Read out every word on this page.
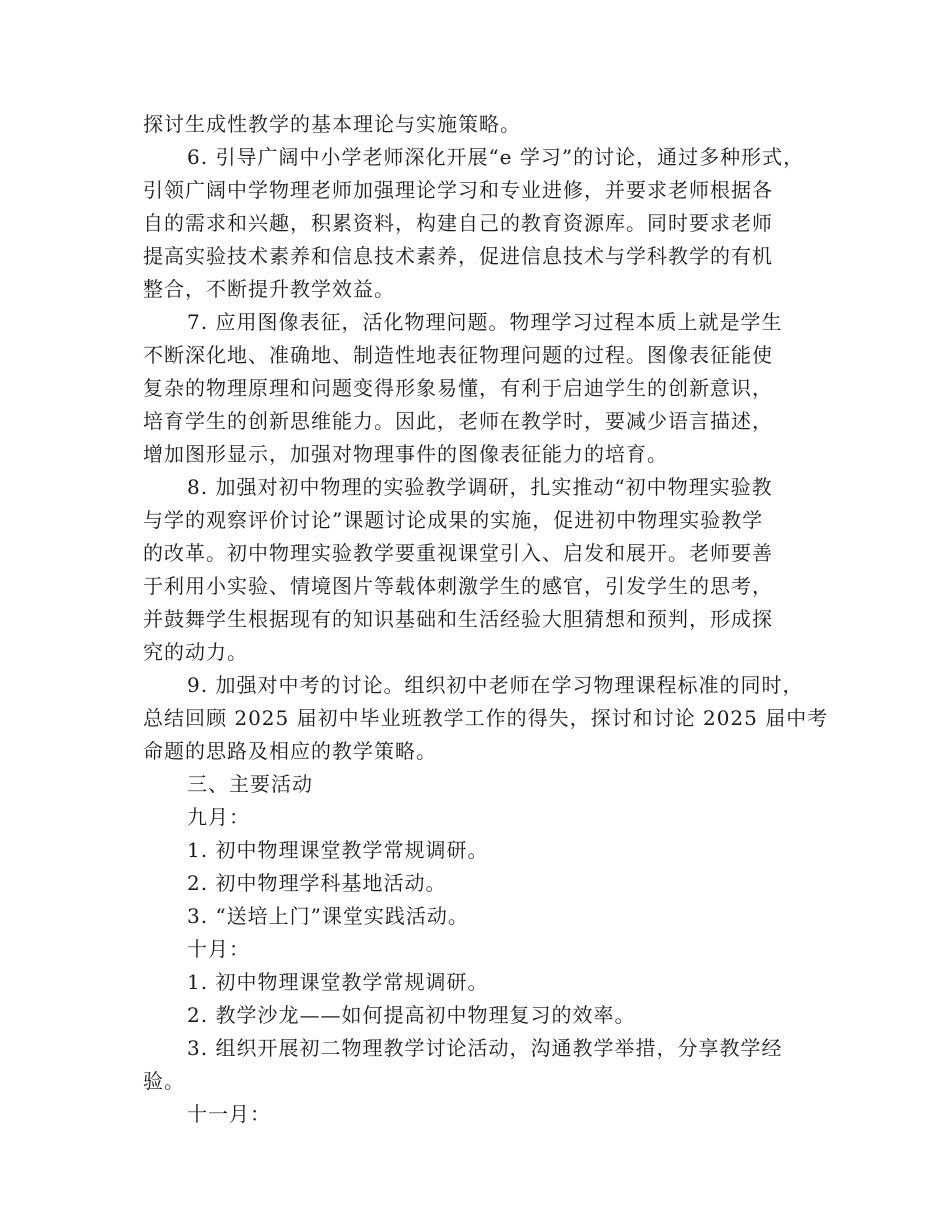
探讨生成性教学的基本理论与实施策略。
6. 引导广阔中小学老师深化开展“e 学习”的讨论，通过多种形式，
引领广阔中学物理老师加强理论学习和专业进修，并要求老师根据各
自的需求和兴趣，积累资料，构建自己的教育资源库。同时要求老师
提高实验技术素养和信息技术素养，促进信息技术与学科教学的有机
整合，不断提升教学效益。
7. 应用图像表征，活化物理问题。物理学习过程本质上就是学生
不断深化地、准确地、制造性地表征物理问题的过程。图像表征能使
复杂的物理原理和问题变得形象易懂，有利于启迪学生的创新意识，
培育学生的创新思维能力。因此，老师在教学时，要减少语言描述，
增加图形显示，加强对物理事件的图像表征能力的培育。
8. 加强对初中物理的实验教学调研，扎实推动“初中物理实验教
与学的观察评价讨论”课题讨论成果的实施，促进初中物理实验教学
的改革。初中物理实验教学要重视课堂引入、启发和展开。老师要善
于利用小实验、情境图片等载体刺激学生的感官，引发学生的思考，
并鼓舞学生根据现有的知识基础和生活经验大胆猜想和预判，形成探
究的动力。
9. 加强对中考的讨论。组织初中老师在学习物理课程标准的同时，
总结回顾 2025 届初中毕业班教学工作的得失，探讨和讨论 2025 届中考
命题的思路及相应的教学策略。
三、主要活动
九月：
1. 初中物理课堂教学常规调研。
2. 初中物理学科基地活动。
3. “送培上门”课堂实践活动。
十月：
1. 初中物理课堂教学常规调研。
2. 教学沙龙——如何提高初中物理复习的效率。
3. 组织开展初二物理教学讨论活动，沟通教学举措，分享教学经
验。
十一月：
